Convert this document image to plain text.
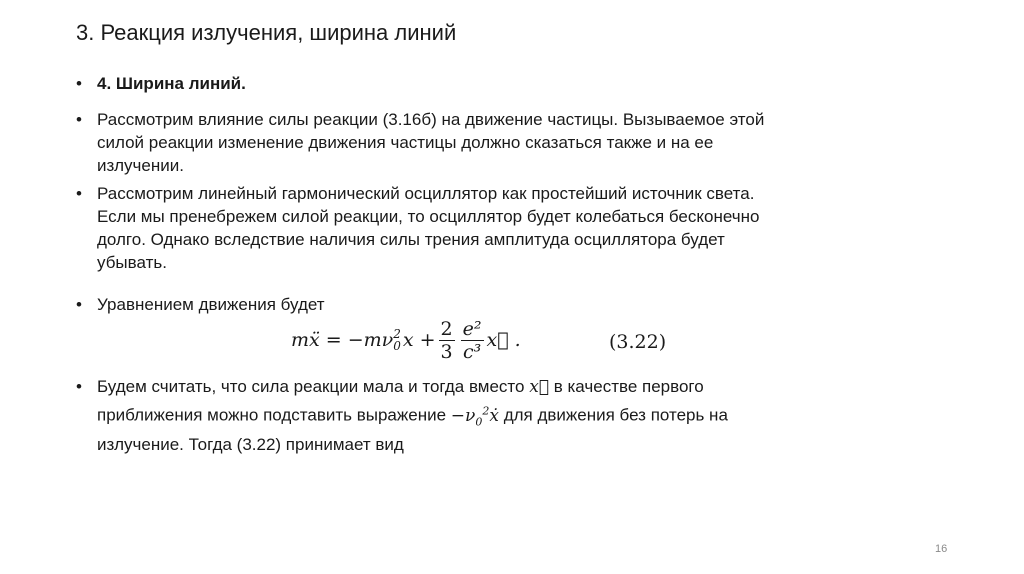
3. Реакция излучения, ширина линий
• 4. Ширина линий.
• Рассмотрим влияние силы реакции (3.16б) на движение частицы. Вызываемое этой
силой реакции изменение движения частицы должно сказаться также и на ее
излучении.
• Рассмотрим линейный гармонический осциллятор как простейший источник света.
Если мы пренебрежем силой реакции, то осциллятор будет колебаться бесконечно
долго. Однако вследствие наличия силы трения амплитуда осциллятора будет
убывать.
• Уравнением движения будет
• Будем считать, что сила реакции мала и тогда вместо x⃛ в качестве первого
приближения можно подставить выражение $-\nu_0^2ẋ$ для движения без потерь на
излучение. Тогда (3.22) принимает вид
mẍ = −mν 2
0 $x + \frac{2}{3} \frac{\text{e²}}{\text{c³}}$ x⃛ .	(3.22)
16
